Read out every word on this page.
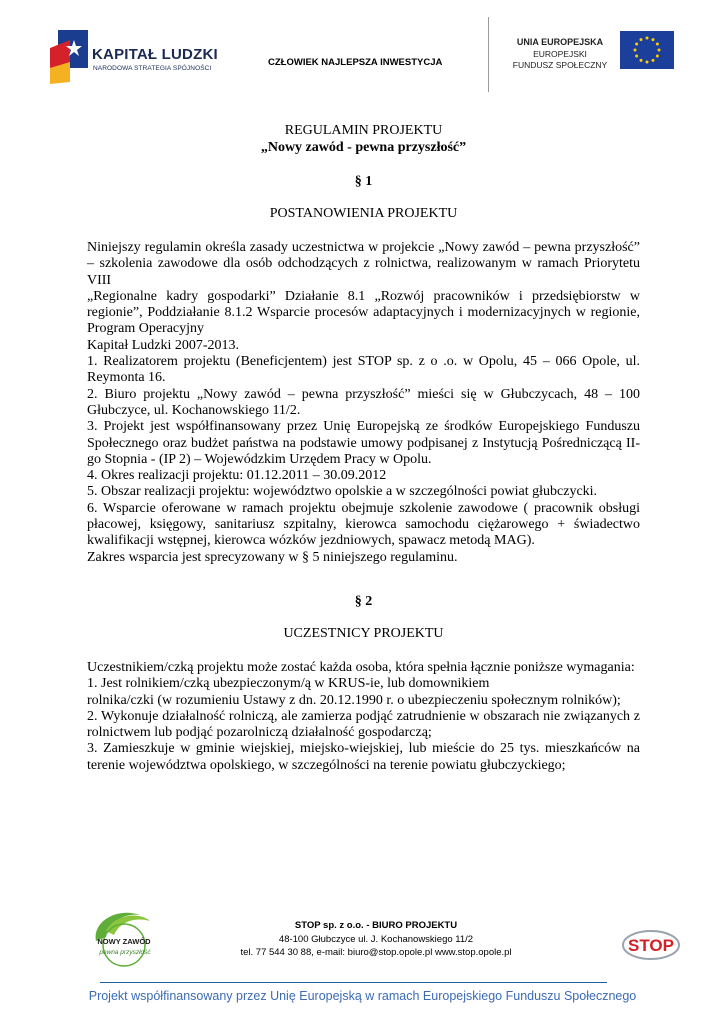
KAPITAŁ LUDZKI
NARODOWA STRATEGIA SPÓJNOŚCI
CZŁOWIEK NAJLEPSZA INWESTYCJA
UNIA EUROPEJSKA
EUROPEJSKI
FUNDUSZ SPOŁECZNY
REGULAMIN PROJEKTU
„Nowy zawód - pewna przyszłość”
§ 1
POSTANOWIENIA PROJEKTU

Niniejszy regulamin określa zasady uczestnictwa w projekcie „Nowy zawód – pewna przyszłość” – szkolenia zawodowe dla osób odchodzących z rolnictwa, realizowanym w ramach Priorytetu VIII

„Regionalne kadry gospodarki” Działanie 8.1 „Rozwój pracowników i przedsiębiorstw w regionie”, Poddziałanie 8.1.2 Wsparcie procesów adaptacyjnych i modernizacyjnych w regionie, Program Operacyjny

Kapitał Ludzki 2007-2013.

1. Realizatorem projektu (Beneficjentem) jest STOP sp. z o .o. w Opolu, 45 – 066 Opole, ul. Reymonta 16.

2. Biuro projektu „Nowy zawód – pewna przyszłość” mieści się w Głubczycach, 48 – 100 Głubczyce, ul. Kochanowskiego 11/2.

3. Projekt jest współfinansowany przez Unię Europejską ze środków Europejskiego Funduszu Społecznego oraz budżet państwa na podstawie umowy podpisanej z Instytucją Pośredniczącą II-go Stopnia - (IP 2) – Wojewódzkim Urzędem Pracy w Opolu.

4. Okres realizacji projektu: 01.12.2011 – 30.09.2012

5. Obszar realizacji projektu: województwo opolskie a w szczególności powiat głubczycki.

6. Wsparcie oferowane w ramach projektu obejmuje szkolenie zawodowe ( pracownik obsługi płacowej, księgowy, sanitariusz szpitalny, kierowca samochodu ciężarowego + świadectwo kwalifikacji wstępnej, kierowca wózków jezdniowych, spawacz metodą MAG).

Zakres wsparcia jest sprecyzowany w § 5 niniejszego regulaminu.

§ 2
UCZESTNICY PROJEKTU

Uczestnikiem/czką projektu może zostać każda osoba, która spełnia łącznie poniższe wymagania:

1. Jest rolnikiem/czką ubezpieczonym/ą w KRUS-ie, lub domownikiem

rolnika/czki (w rozumieniu Ustawy z dn. 20.12.1990 r. o ubezpieczeniu społecznym rolników);

2. Wykonuje działalność rolniczą, ale zamierza podjąć zatrudnienie w obszarach nie związanych z rolnictwem lub podjąć pozarolniczą działalność gospodarczą;

3. Zamieszkuje w gminie wiejskiej, miejsko-wiejskiej, lub mieście do 25 tys. mieszkańców na terenie województwa opolskiego, w szczególności na terenie powiatu głubczyckiego;

NOWY ZAWÓD
pewna przyszłość
STOP sp. z o.o. - BIURO PROJEKTU
48-100 Głubczyce ul. J. Kochanowskiego 11/2
tel. 77 544 30 88, e-mail: biuro@stop.opole.pl www.stop.opole.pl	STOP
Projekt współfinansowany przez Unię Europejską w ramach Europejskiego Funduszu Społecznego
